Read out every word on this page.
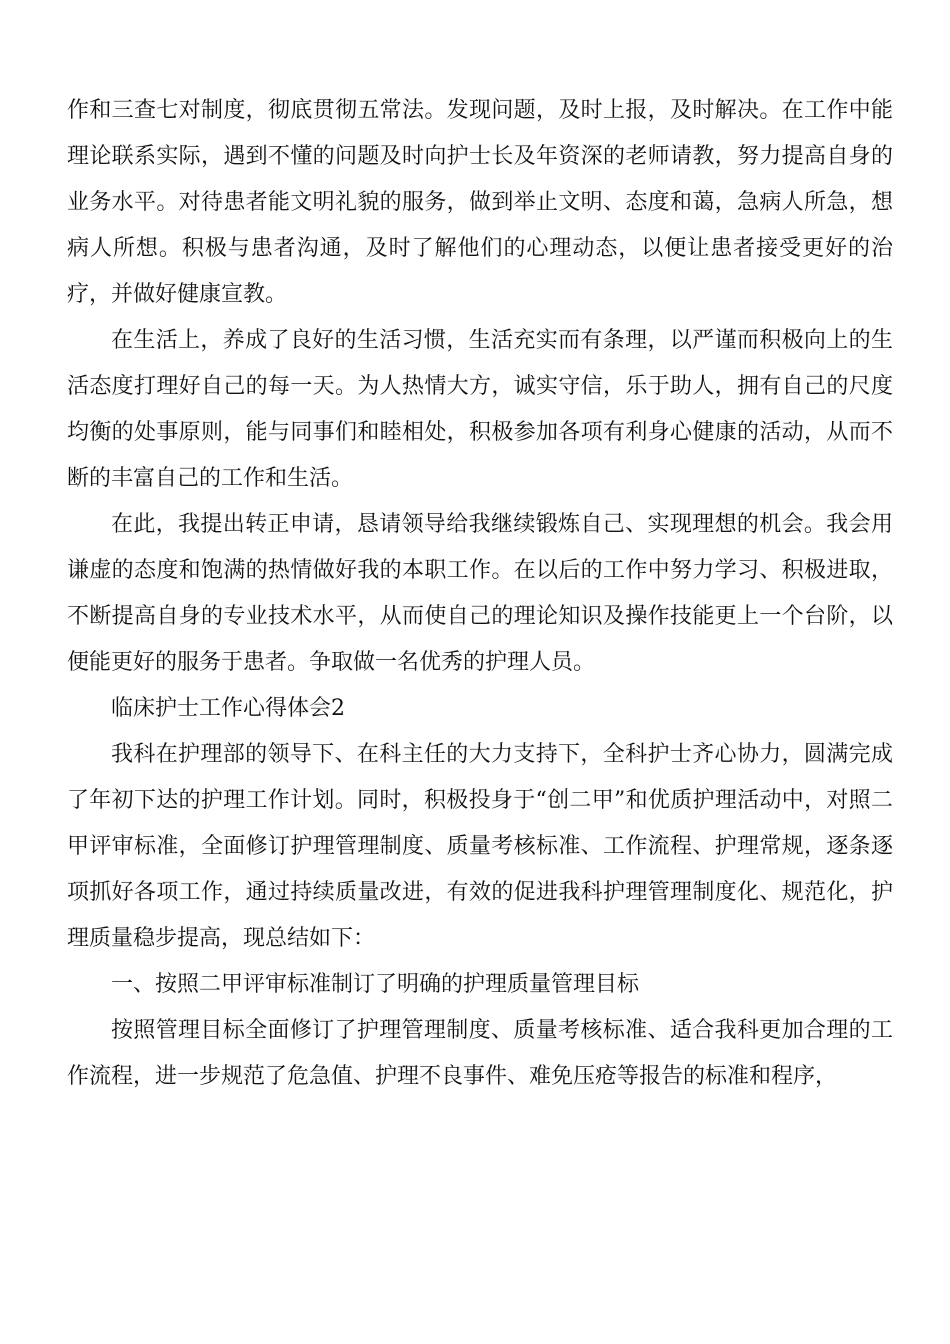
作和三查七对制度，彻底贯彻五常法。发现问题，及时上报，及时解决。在工作中能理论联系实际，遇到不懂的问题及时向护士长及年资深的老师请教，努力提高自身的业务水平。对待患者能文明礼貌的服务，做到举止文明、态度和蔼，急病人所急，想病人所想。积极与患者沟通，及时了解他们的心理动态，以便让患者接受更好的治疗，并做好健康宣教。

在生活上，养成了良好的生活习惯，生活充实而有条理，以严谨而积极向上的生活态度打理好自己的每一天。为人热情大方，诚实守信，乐于助人，拥有自己的尺度均衡的处事原则，能与同事们和睦相处，积极参加各项有利身心健康的活动，从而不断的丰富自己的工作和生活。

在此，我提出转正申请，恳请领导给我继续锻炼自己、实现理想的机会。我会用谦虚的态度和饱满的热情做好我的本职工作。在以后的工作中努力学习、积极进取，不断提高自身的专业技术水平，从而使自己的理论知识及操作技能更上一个台阶，以便能更好的服务于患者。争取做一名优秀的护理人员。

临床护士工作心得体会2

我科在护理部的领导下、在科主任的大力支持下，全科护士齐心协力，圆满完成了年初下达的护理工作计划。同时，积极投身于“创二甲”和优质护理活动中，对照二甲评审标准，全面修订护理管理制度、质量考核标准、工作流程、护理常规，逐条逐项抓好各项工作，通过持续质量改进，有效的促进我科护理管理制度化、规范化，护理质量稳步提高，现总结如下：

一、按照二甲评审标准制订了明确的护理质量管理目标

按照管理目标全面修订了护理管理制度、质量考核标准、适合我科更加合理的工作流程，进一步规范了危急值、护理不良事件、难免压疮等报告的标准和程序，
